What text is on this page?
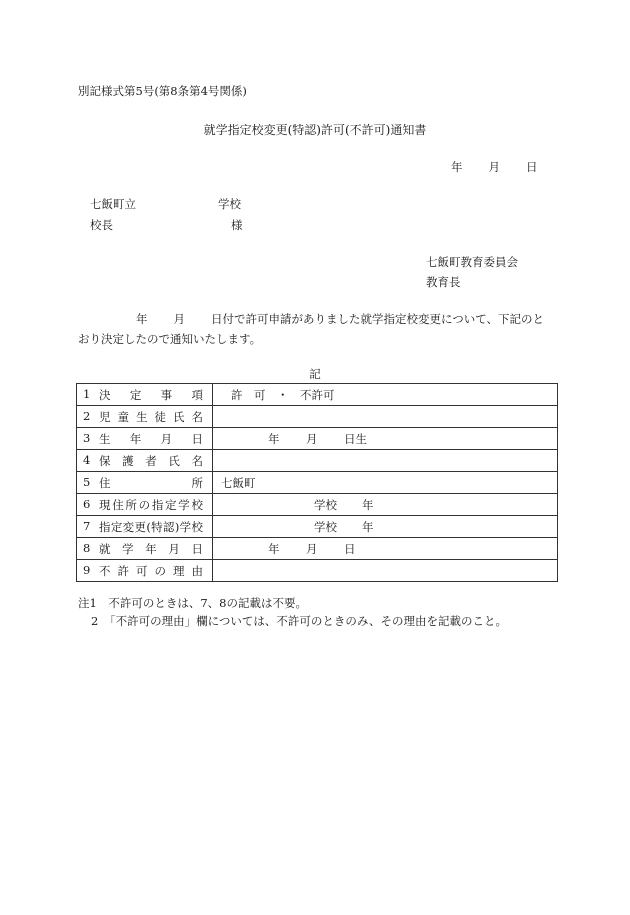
別記様式第5号(第8条第4号関係)
就学指定校変更(特認)許可(不許可)通知書
年 月 日
七飯町立	学校
校長	様
七飯町教育委員会
教育長
年 月 日付で許可申請がありました就学指定校変更について、下記のと
おり決定したので通知いたします。
記
1 決定事項	許　可　・　不許可

2 児童生徒氏名	
3 生年月日	年 月 日生

4 保護者氏名	
5 住所	七飯町

6 現住所の指定学校	学校 年

7 指定変更(特認)学校	学校 年

8 就学年月日	年 月 日

9 不許可の理由	
注1　不許可のときは、7、8の記載は不要。
2　「不許可の理由」欄については、不許可のときのみ、その理由を記載のこと。
